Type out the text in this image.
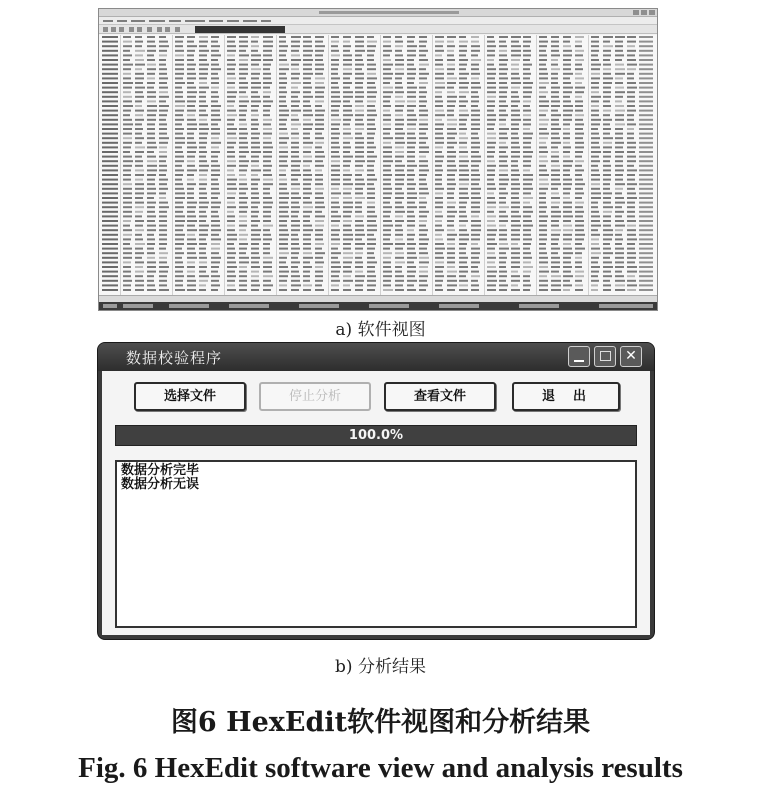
a) 软件视图
数据校验程序	✕
选择文件	停止分析	查看文件	退出
100.0%
数据分析完毕
数据分析无误
b) 分析结果
图6 HexEdit软件视图和分析结果
Fig. 6 HexEdit software view and analysis results
